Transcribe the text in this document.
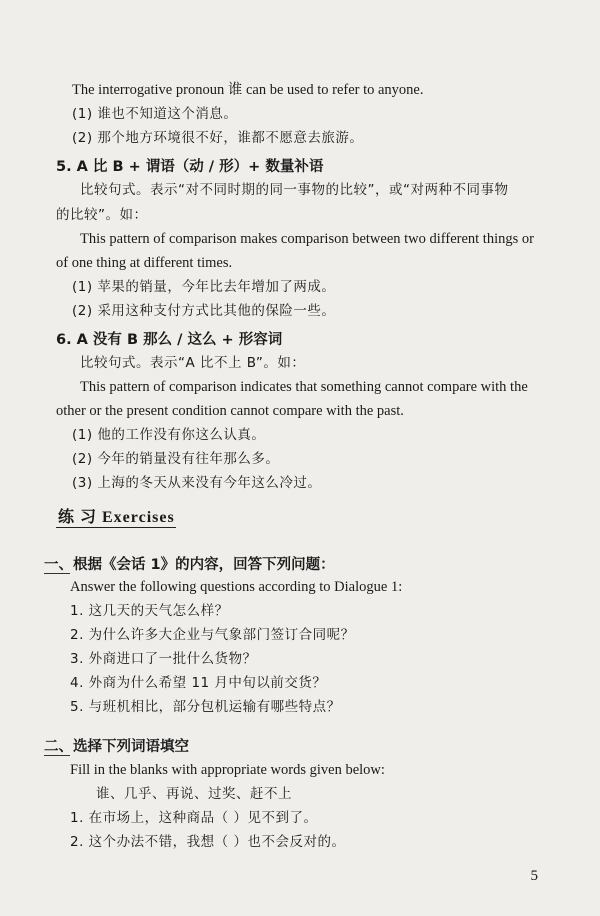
The interrogative pronoun 谁 can be used to refer to anyone.
(1) 谁也不知道这个消息。
(2) 那个地方环境很不好，谁都不愿意去旅游。
5. A 比 B + 谓语（动 / 形）+ 数量补语
比较句式。表示“对不同时期的同一事物的比较”，或“对两种不同事物
的比较”。如：
This pattern of comparison makes comparison between two different things or
of one thing at different times.
(1) 苹果的销量，今年比去年增加了两成。
(2) 采用这种支付方式比其他的保险一些。
6. A 没有 B 那么 / 这么 + 形容词
比较句式。表示“A 比不上 B”。如：
This pattern of comparison indicates that something cannot compare with the
other or the present condition cannot compare with the past.
(1) 他的工作没有你这么认真。
(2) 今年的销量没有往年那么多。
(3) 上海的冬天从来没有今年这么冷过。
练 习 Exercises
一、根据《会话 1》的内容，回答下列问题：
Answer the following questions according to Dialogue 1:
1. 这几天的天气怎么样？
2. 为什么许多大企业与气象部门签订合同呢？
3. 外商进口了一批什么货物？
4. 外商为什么希望 11 月中旬以前交货？
5. 与班机相比，部分包机运输有哪些特点？
二、选择下列词语填空
Fill in the blanks with appropriate words given below:
谁、几乎、再说、过奖、赶不上
1. 在市场上，这种商品（ ）见不到了。
2. 这个办法不错，我想（ ）也不会反对的。
5
